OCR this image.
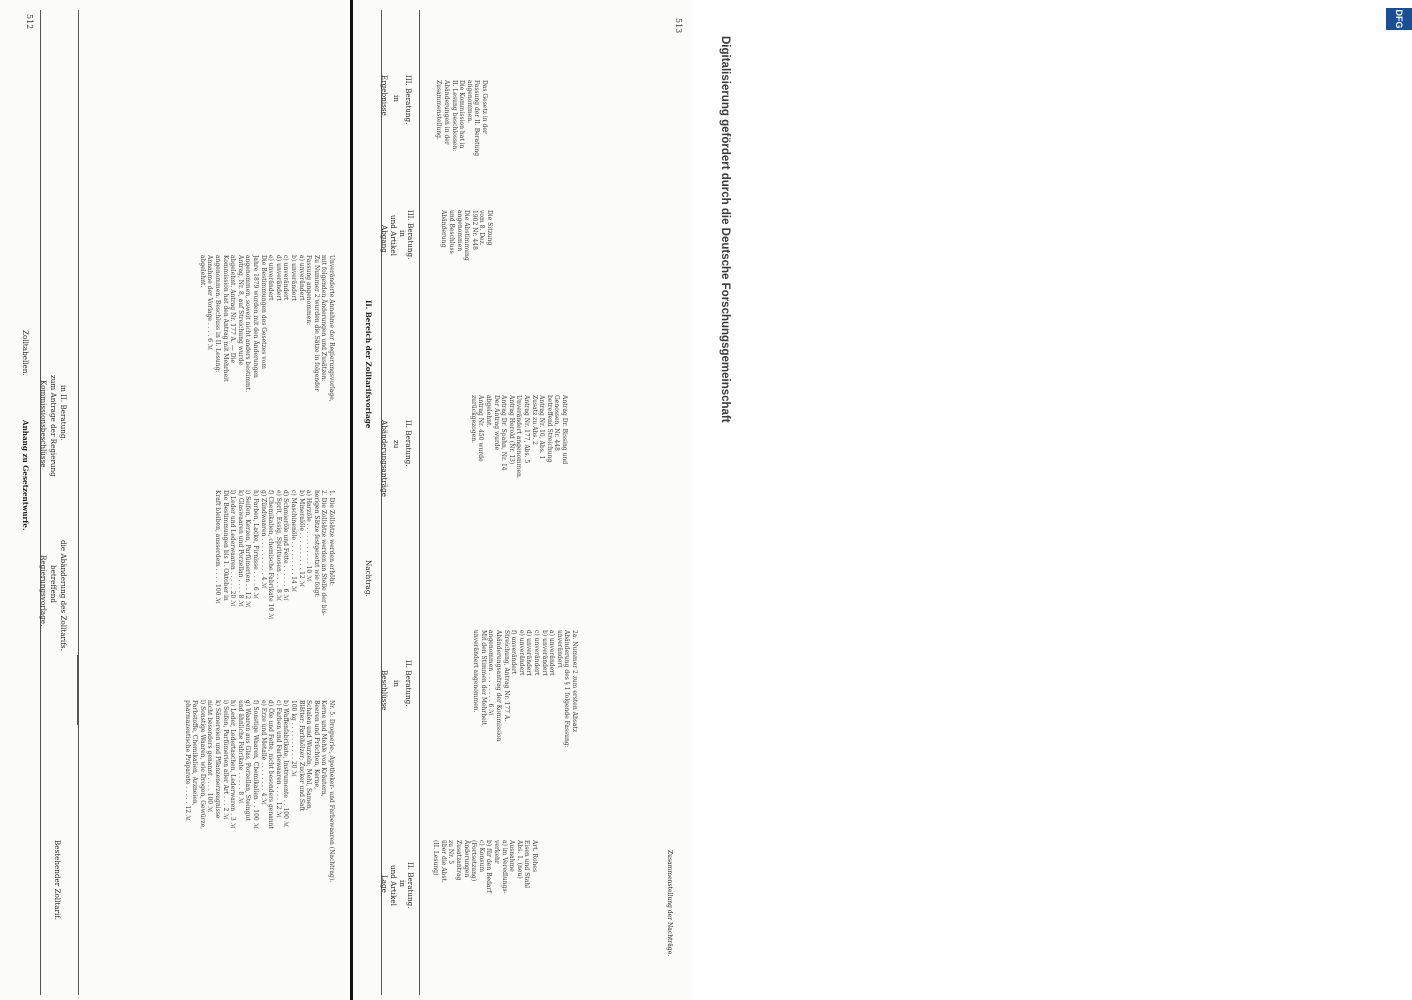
512
Zolltabellen.
Anhang zu Gesetzentwurfe.
Bestehender Zolltarif.
Regierungsvorlage, betreffend die Abänderung des Zolltarifs.
Kommissionsbeschlüsse zum Antrage der Regierung in II. Beratung.
Nr. 5. Droguerie-, Apotheker- und Farbewaaren (Nachtrag).
Kerne und Mehle von Kräutern,
Beeren und Früchten, Kerne,
Schalen und Wurzeln; Mehl, Samen,
Blätter; Farbhölzer; Zucker und Saft
100 kg . . . . . . . . . . 20 ℳ
b) Waffenfabrikate, Instrumente . . 100 ℳ
c) Farben und Farbewaaren . . . . 12 ℳ
d) Öle und Fette, nicht besonders genannt
e) Erze und Metalle . . . . . . . . 4 ℳ
f) Sonstige Waaren, Chemikalien . . 100 ℳ
g) Waaren aus Glas, Porzellan, Steingut
und ähnliche Fabrikate . . . . . 8 ℳ
h) Leder, Ledertaschen, Lederwaren . 3 ℳ
i) Seifen, Parfümerien aller Art . . . 2 ℳ
k) Sämereien und Pflanzenerzeugnisse
nicht besonders genannt . . . . 100 ℳ
l) Sonstige Waaren, wie Drogen, Gewürze,
Farbstoffe, Chemikalien, Arzneien,
pharmazeutische Präparate . . . . . 12 ℳ
1. Die Zollsätze werden erhöht:
2. Die Zollsätze werden an Stelle der bis-
herigen Sätze festgesetzt wie folgt:
a) Harzöle . . . . . . . . . . . 10 ℳ
b) Mineralöle . . . . . . . . . . 12 ℳ
c) Maschinenöle . . . . . . . . . 14 ℳ
d) Schmieröle und Fette . . . . . . 6 ℳ
e) Sprit, Essig, Spirituosen . . . . 8 ℳ
f) Chemikalien, chemische Fabrikate 10 ℳ
g) Zündwaaren . . . . . . . . . . 4 ℳ
h) Farben, Lacke, Firnisse . . . . 6 ℳ
i) Seifen, Kerzen, Parfümerien . . 12 ℳ
k) Glaswaaren und Porzellan . . . . 8 ℳ
l) Leder und Lederwaaren . . . . . 20 ℳ
Die Bestimmungen bis 1. Oktober in
Kraft bleiben, ausserdem . . . . 100 ℳ
Unveränderte Annahme der Regierungsvorlage,
mit folgenden Änderungen und Zusätzen:
Zu Nummer 2 wurden die Sätze in folgender
Fassung angenommen:
a) unverändert
b) unverändert
c) unverändert
d) unverändert
e) unverändert
Die Bestimmungen des Gesetzes vom
Jahre 1879 wurden mit den Änderungen
angenommen, soweit nicht anders bestimmt.
Antrag, Nr. 8, auf Streichung wurde
abgelehnt. Antrag Nr. 177 A. — Die
Kommission hat den Antrag mit Mehrheit
angenommen. Beschluss in II. Lesung:
Annahme der Vorlage . . . . 6 ℳ
abgelehnt.
513
Nachtrag.
II. Bereich der Zolltarifsvorlage
Lage und Artikel in II. Beratung.
Beschlüsse in II. Beratung.
Abänderungsanträge zu II. Beratung.
Abgang und Artikel in III. Beratung.
Ergebnisse in III. Beratung.
Art. Rohes
Eisen und Stahl
Abs. 1. (neu)
Ausnahme
a) im Veredlungs-
verkehr
b) für den Bedarf
c) Konsum
(Fortsetzung)
Änderungen
Zusatzantrag
zu Nr. 5
über die Abst.
(II. Lesung)
2a. Nummer 2 zum ersten Absatz
Abänderung des § 1 folgende Fassung:
unverändert
a) unverändert
b) unverändert
c) unverändert
d) unverändert
e) unverändert
f) unverändert
Streichung, Antrag Nr. 177 A.
Abänderungsantrag der Kommission
angenommen . . . . . . . . 6 ℳ
Mit den Stimmen der Mehrheit
unverändert angenommen.
Antrag Dr. Bissing und
Genossen, Nr. 448
betreffend Streichung
Antrag Nr. 10, Abs. 1
Zusatz zu Abs. 2
Antrag Nr. 177, Abs. 5
Unverändert angenommen.
Antrag Herold (Nr. 13)
Antrag Dr. Spahn, Nr. 14
Der Antrag wurde
abgelehnt.
Antrag Nr. 450 wurde
zurückgezogen.
Die Sitzung
vom 8. Dez.
1902 Nr. 448
Die Abstimmung
angenommen
und Beschluss
Abänderung
Das Gesetz in der
Fassung der II. Beratung
angenommen.
Die Kommission hat in
II. Lesung beschlossen:
Abänderungen in der
Zusammenstellung.
Zusammenstellung der Nachträge.
DFG
Digitalisierung gefördert durch die Deutsche Forschungsgemeinschaft
